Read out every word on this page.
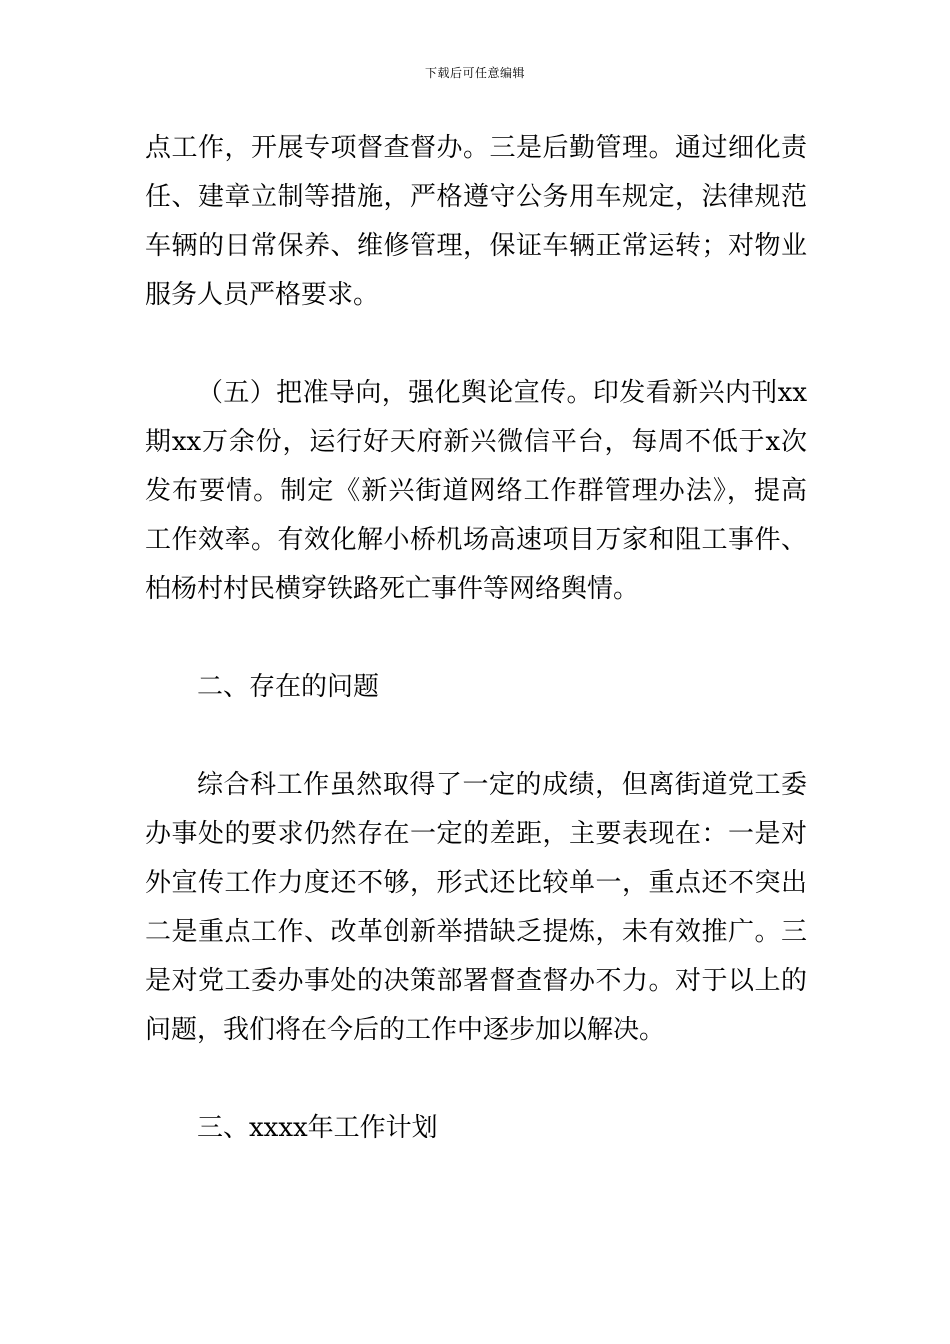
下载后可任意编辑

点工作，开展专项督查督办。三是后勤管理。通过细化责任、建章立制等措施，严格遵守公务用车规定，法律规范车辆的日常保养、维修管理，保证车辆正常运转；对物业服务人员严格要求。

（五）把准导向，强化舆论宣传。印发看新兴内刊xx期xx万余份，运行好天府新兴微信平台，每周不低于x次发布要情。制定《新兴街道网络工作群管理办法》，提高工作效率。有效化解小桥机场高速项目万家和阻工事件、柏杨村村民横穿铁路死亡事件等网络舆情。

二、存在的问题

综合科工作虽然取得了一定的成绩，但离街道党工委办事处的要求仍然存在一定的差距，主要表现在：一是对外宣传工作力度还不够，形式还比较单一，重点还不突出二是重点工作、改革创新举措缺乏提炼，未有效推广。三是对党工委办事处的决策部署督查督办不力。对于以上的问题，我们将在今后的工作中逐步加以解决。

三、xxxx年工作计划
